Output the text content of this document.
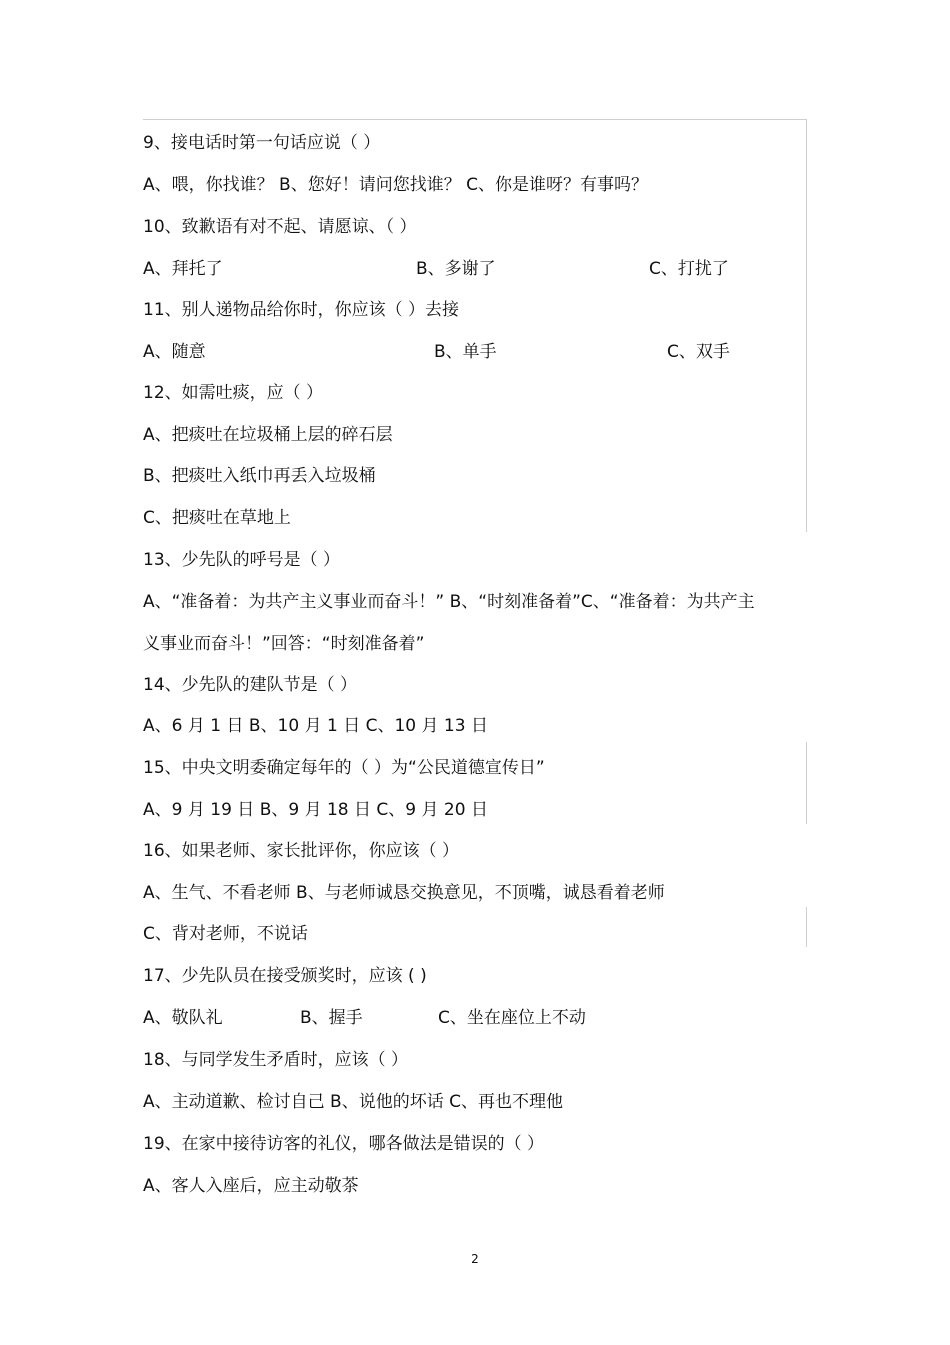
9、接电话时第一句话应说（ ）
A、喂，你找谁？ B、您好！请问您找谁？ C、你是谁呀？有事吗？
10、致歉语有对不起、请愿谅、（ ）
A、拜托了	B、多谢了	C、打扰了
11、别人递物品给你时，你应该（ ）去接
A、随意	B、单手	C、双手
12、如需吐痰，应（ ）
A、把痰吐在垃圾桶上层的碎石层
B、把痰吐入纸巾再丢入垃圾桶
C、把痰吐在草地上
13、少先队的呼号是（ ）
A、“准备着：为共产主义事业而奋斗！” B、“时刻准备着”C、“准备着：为共产主
义事业而奋斗！”回答：“时刻准备着”
14、少先队的建队节是（ ）
A、6 月 1 日 B、10 月 1 日 C、10 月 13 日
15、中央文明委确定每年的（ ）为“公民道德宣传日”
A、9 月 19 日 B、9 月 18 日 C、9 月 20 日
16、如果老师、家长批评你，你应该（ ）
A、生气、不看老师 B、与老师诚恳交换意见，不顶嘴，诚恳看着老师
C、背对老师，不说话
17、少先队员在接受颁奖时，应该 ( )
A、敬队礼	B、握手	C、坐在座位上不动
18、与同学发生矛盾时，应该（ ）
A、主动道歉、检讨自己 B、说他的坏话 C、再也不理他
19、在家中接待访客的礼仪，哪各做法是错误的（ ）
A、客人入座后，应主动敬茶
2
